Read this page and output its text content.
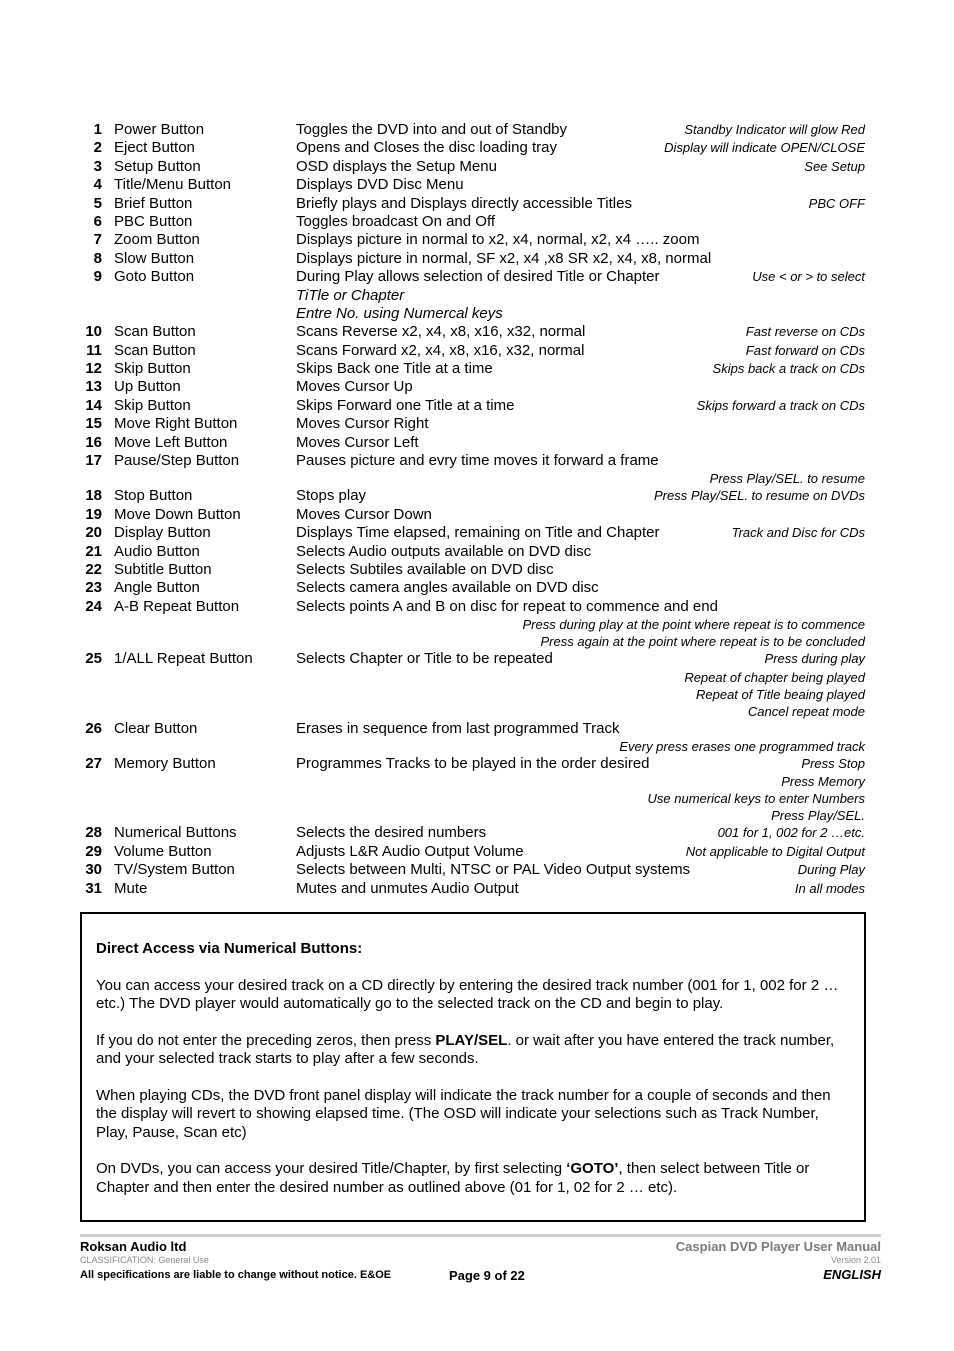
1 Power Button	Toggles the DVD into and out of Standby	Standby Indicator will glow Red
2 Eject Button	Opens and Closes the disc loading tray	Display will indicate OPEN/CLOSE
3 Setup Button	OSD displays the Setup Menu	See Setup
4 Title/Menu Button	Displays DVD Disc Menu
5 Brief Button	Briefly plays and Displays directly accessible Titles	PBC OFF
6 PBC Button	Toggles broadcast On and Off
7 Zoom Button	Displays picture in normal to x2, x4, normal, x2, x4 ….. zoom
8 Slow Button	Displays picture in normal, SF x2, x4 ,x8 SR x2, x4, x8, normal
9 Goto Button	During Play allows selection of desired Title or Chapter	Use < or > to select
TiTle or Chapter
Entre No. using Numercal keys
10 Scan Button	Scans Reverse x2, x4, x8, x16, x32, normal	Fast reverse on CDs
11 Scan Button	Scans Forward x2, x4, x8, x16, x32, normal	Fast forward on CDs
12 Skip Button	Skips Back one Title at a time	Skips back a track on CDs
13 Up Button	Moves Cursor Up
14 Skip Button	Skips Forward one Title at a time	Skips forward a track on CDs
15 Move Right Button	Moves Cursor Right
16 Move Left Button	Moves Cursor Left
17 Pause/Step Button	Pauses picture and evry time moves it forward a frame
Press Play/SEL. to resume
18 Stop Button	Stops play	Press Play/SEL. to resume on DVDs
19 Move Down Button	Moves Cursor Down
20 Display Button	Displays Time elapsed, remaining on Title and Chapter	Track and Disc for CDs
21 Audio Button	Selects Audio outputs available on DVD disc
22 Subtitle Button	Selects Subtiles available on DVD disc
23 Angle Button	Selects camera angles available on DVD disc
24 A-B Repeat Button	Selects points A and B on disc for repeat to commence and end
Press during play at the point where repeat is to commence
Press again at the point where repeat is to be concluded
25 1/ALL Repeat Button	Selects Chapter or Title to be repeated	Press during play
Repeat of chapter being played
Repeat of Title beaing played
Cancel repeat mode
26 Clear Button	Erases in sequence from last programmed Track
Every press erases one programmed track
27 Memory Button	Programmes Tracks to be played in the order desired	Press Stop
Press Memory
Use numerical keys to enter Numbers
Press Play/SEL.
28 Numerical Buttons	Selects the desired numbers	001 for 1, 002 for 2 …etc.
29 Volume Button	Adjusts L&R Audio Output Volume	Not applicable to Digital Output
30 TV/System Button	Selects between Multi, NTSC or PAL Video Output systems	During Play
31 Mute	Mutes and unmutes Audio Output	In all modes
Direct Access via Numerical Buttons:

You can access your desired track on a CD directly by entering the desired track number (001 for 1, 002 for 2 … etc.) The DVD player would automatically go to the selected track on the CD and begin to play.

If you do not enter the preceding zeros, then press PLAY/SEL. or wait after you have entered the track number, and your selected track starts to play after a few seconds.

When playing CDs, the DVD front panel display will indicate the track number for a couple of seconds and then the display will revert to showing elapsed time. (The OSD will indicate your selections such as Track Number, Play, Pause, Scan etc)

On DVDs, you can access your desired Title/Chapter, by first selecting ‘GOTO’, then select between Title or Chapter and then enter the desired number as outlined above (01 for 1, 02 for 2 … etc).

Roksan Audio ltd
CLASSIFICATION: General Use
All specifications are liable to change without notice. E&OE	Page 9 of 22
Caspian DVD Player User Manual
Version 2.01
ENGLISH
